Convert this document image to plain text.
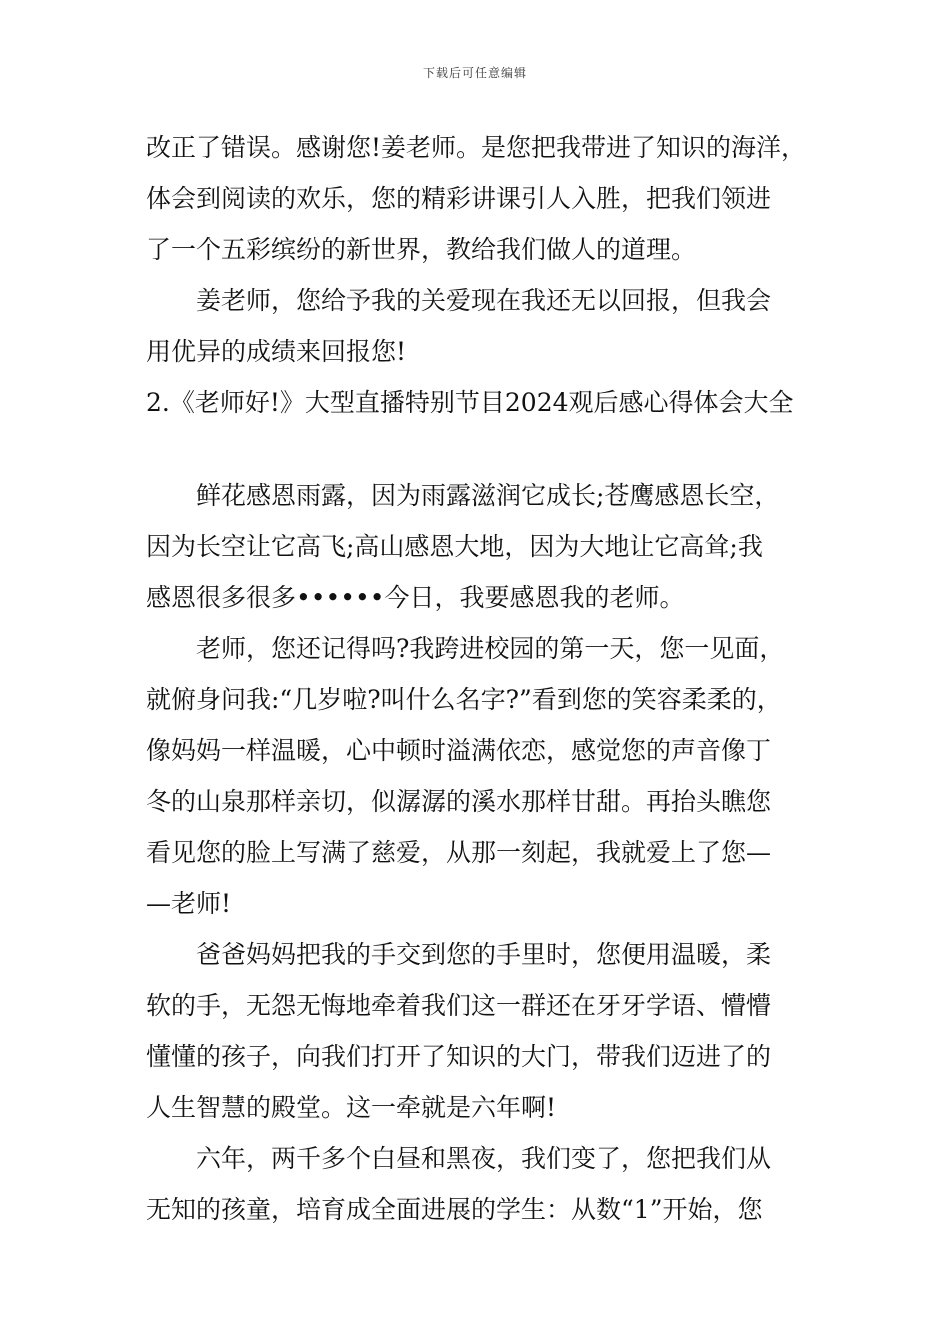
下载后可任意编辑
改正了错误。感谢您!姜老师。是您把我带进了知识的海洋，
体会到阅读的欢乐，您的精彩讲课引人入胜，把我们领进
了一个五彩缤纷的新世界，教给我们做人的道理。
姜老师，您给予我的关爱现在我还无以回报，但我会
用优异的成绩来回报您!
2.《老师好!》大型直播特别节目2024观后感心得体会大全
鲜花感恩雨露，因为雨露滋润它成长;苍鹰感恩长空，
因为长空让它高飞;高山感恩大地，因为大地让它高耸;我
感恩很多很多••••••今日，我要感恩我的老师。
老师，您还记得吗?我跨进校园的第一天，您一见面，
就俯身问我:“几岁啦?叫什么名字?”看到您的笑容柔柔的，
像妈妈一样温暖，心中顿时溢满依恋，感觉您的声音像丁
冬的山泉那样亲切，似潺潺的溪水那样甘甜。再抬头瞧您
看见您的脸上写满了慈爱，从那一刻起，我就爱上了您—
—老师!
爸爸妈妈把我的手交到您的手里时，您便用温暖，柔
软的手，无怨无悔地牵着我们这一群还在牙牙学语、懵懵
懂懂的孩子，向我们打开了知识的大门，带我们迈进了的
人生智慧的殿堂。这一牵就是六年啊!
六年，两千多个白昼和黑夜，我们变了，您把我们从
无知的孩童，培育成全面进展的学生：从数“1”开始，您
